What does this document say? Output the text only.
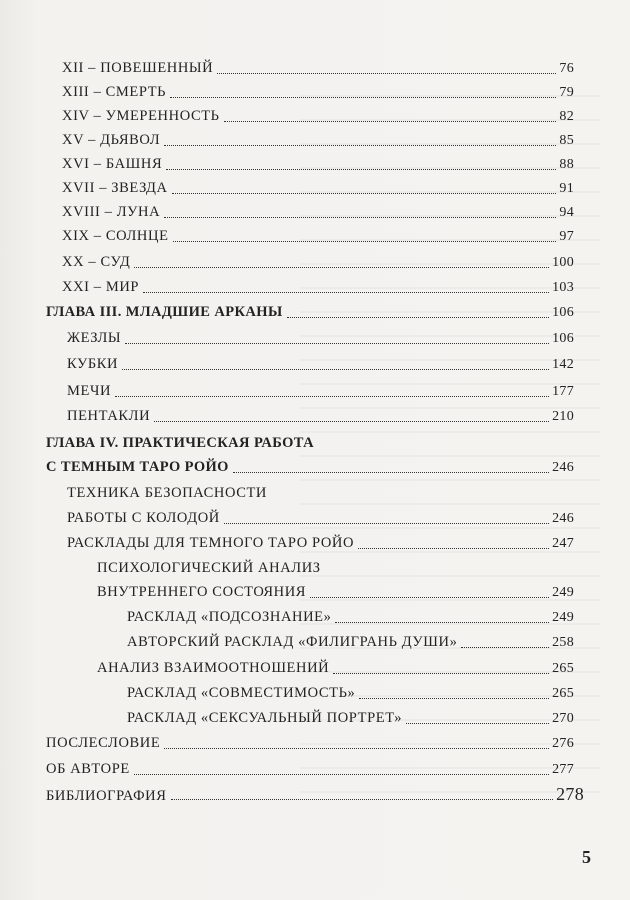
XII – ПОВЕШЕННЫЙ	76
XIII – СМЕРТЬ	79
XIV – УМЕРЕННОСТЬ	82
XV – ДЬЯВОЛ	85
XVI – БАШНЯ	88
XVII – ЗВЕЗДА	91
XVIII – ЛУНА	94
XIX – СОЛНЦЕ	97
XX – СУД	100
XXI – МИР	103
ГЛАВА III. МЛАДШИЕ АРКАНЫ	106
ЖЕЗЛЫ	106
КУБКИ	142
МЕЧИ	177
ПЕНТАКЛИ	210
ГЛАВА IV. ПРАКТИЧЕСКАЯ РАБОТА
С ТЕМНЫМ ТАРО РОЙО	246
ТЕХНИКА БЕЗОПАСНОСТИ
РАБОТЫ С КОЛОДОЙ	246
РАСКЛАДЫ ДЛЯ ТЕМНОГО ТАРО РОЙО	247
ПСИХОЛОГИЧЕСКИЙ АНАЛИЗ
ВНУТРЕННЕГО СОСТОЯНИЯ	249
РАСКЛАД «ПОДСОЗНАНИЕ»	249
АВТОРСКИЙ РАСКЛАД «ФИЛИГРАНЬ ДУШИ»	258
АНАЛИЗ ВЗАИМООТНОШЕНИЙ	265
РАСКЛАД «СОВМЕСТИМОСТЬ»	265
РАСКЛАД «СЕКСУАЛЬНЫЙ ПОРТРЕТ»	270
ПОСЛЕСЛОВИЕ	276
ОБ АВТОРЕ	277
БИБЛИОГРАФИЯ	278
5
